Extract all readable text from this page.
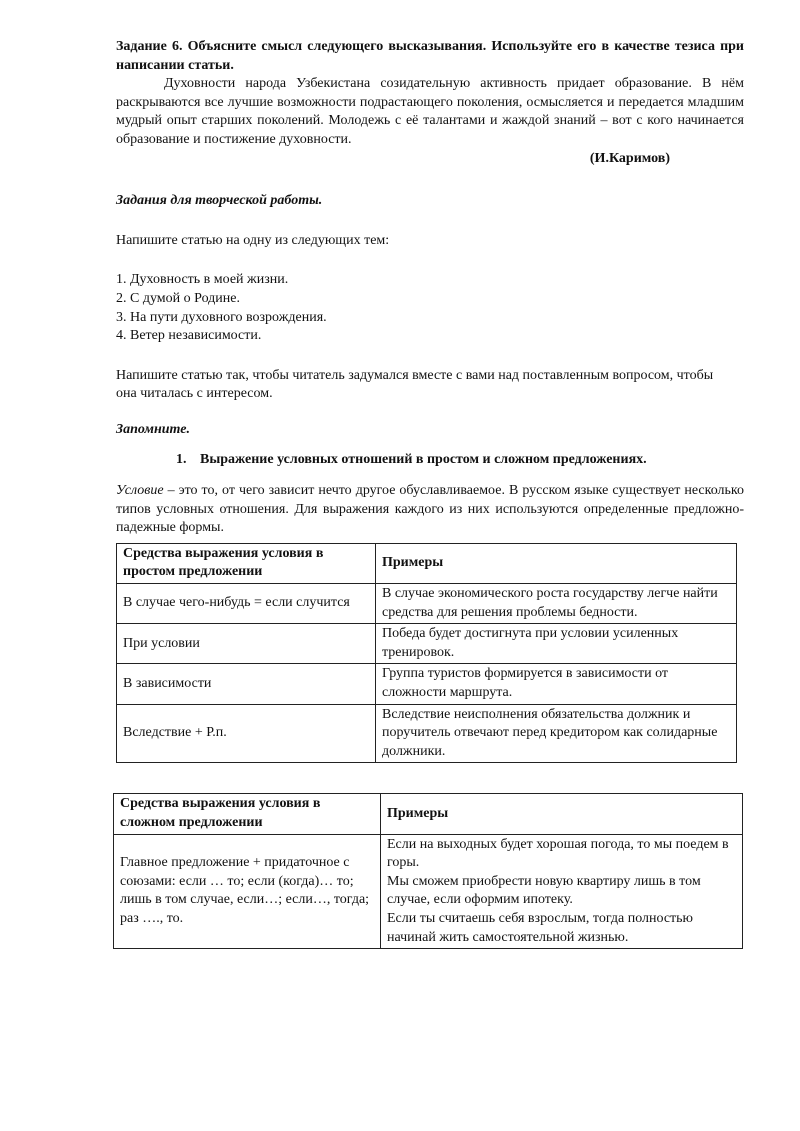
Задание 6. Объясните смысл следующего высказывания. Используйте его в качестве тезиса при написании статьи.

Духовности народа Узбекистана созидательную активность придает образование. В нём раскрываются все лучшие возможности подрастающего поколения, осмысляется и передается младшим мудрый опыт старших поколений. Молодежь с её талантами и жаждой знаний – вот с кого начинается образование и постижение духовности.

(И.Каримов)

Задания для творческой работы.

Напишите статью на одну из следующих тем:

1. Духовность в моей жизни.

2. С думой о Родине.

3. На пути духовного возрождения.

4. Ветер независимости.

Напишите статью так, чтобы читатель задумался вместе с вами над поставленным вопросом, чтобы она читалась с интересом.

Запомните.

1. Выражение условных отношений в простом и сложном предложениях.

Условие – это то, от чего зависит нечто другое обуславливаемое. В русском языке существует несколько типов условных отношения. Для выражения каждого из них используются определенные предложно-падежные формы.

Средства выражения условия в простом предложении	Примеры
В случае чего-нибудь = если случится	В случае экономического роста государству легче найти средства для решения проблемы бедности.
При условии	Победа будет достигнута при условии усиленных тренировок.
В зависимости	Группа туристов формируется в зависимости от сложности маршрута.
Вследствие + Р.п.	Вследствие неисполнения обязательства должник и поручитель отвечают перед кредитором как солидарные должники.
Средства выражения условия в сложном предложении	Примеры
Главное предложение + придаточное с союзами: если … то; если (когда)… то; лишь в том случае, если…; если…, тогда; раз …., то.	Если на выходных будет хорошая погода, то мы поедем в горы.
Мы сможем приобрести новую квартиру лишь в том случае, если оформим ипотеку.
Если ты считаешь себя взрослым, тогда полностью начинай жить самостоятельной жизнью.
